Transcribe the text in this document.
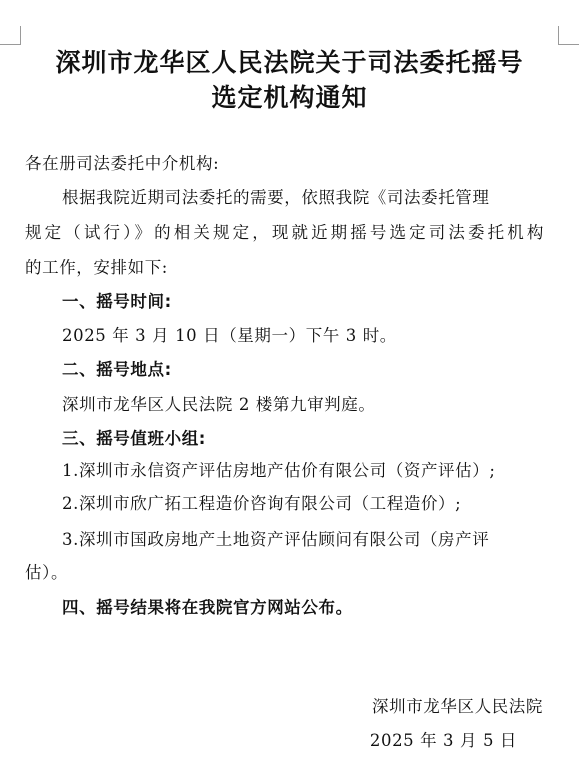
深圳市龙华区人民法院关于司法委托摇号
选定机构通知
各在册司法委托中介机构:
根据我院近期司法委托的需要，依照我院《司法委托管理
规定（试行）》的相关规定，现就近期摇号选定司法委托机构
的工作，安排如下:
一、摇号时间:
2025 年 3 月 10 日（星期一）下午 3 时。
二、摇号地点:
深圳市龙华区人民法院 2 楼第九审判庭。
三、摇号值班小组:
1.深圳市永信资产评估房地产估价有限公司（资产评估）;
2.深圳市欣广拓工程造价咨询有限公司（工程造价）;
3.深圳市国政房地产土地资产评估顾问有限公司（房产评
估）。
四、摇号结果将在我院官方网站公布。
深圳市龙华区人民法院
2025 年 3 月 5 日
